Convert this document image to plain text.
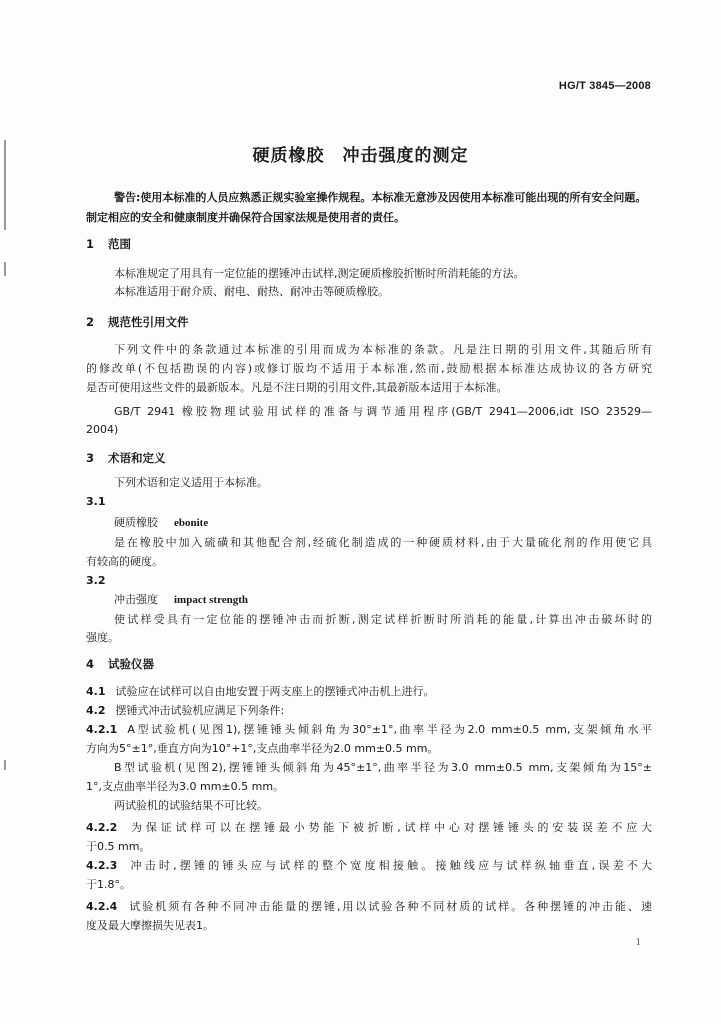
HG/T 3845—2008
硬质橡胶 冲击强度的测定
警告:使用本标准的人员应熟悉正规实验室操作规程。本标准无意涉及因使用本标准可能出现的所有安全问题。制定相应的安全和健康制度并确保符合国家法规是使用者的责任。
1 范围
本标准规定了用具有一定位能的摆锤冲击试样,测定硬质橡胶折断时所消耗能的方法。
本标准适用于耐介质、耐电、耐热、耐冲击等硬质橡胶。
2 规范性引用文件
下列文件中的条款通过本标准的引用而成为本标准的条款。凡是注日期的引用文件,其随后所有
的修改单(不包括勘误的内容)或修订版均不适用于本标准,然而,鼓励根据本标准达成协议的各方研究
是否可使用这些文件的最新版本。凡是不注日期的引用文件,其最新版本适用于本标准。
GB/T 2941 橡胶物理试验用试样的准备与调节通用程序(GB/T 2941—2006,idt ISO 23529—
2004)
3 术语和定义
下列术语和定义适用于本标准。
3.1
硬质橡胶 ebonite
是在橡胶中加入硫磺和其他配合剂,经硫化制造成的一种硬质材料,由于大量硫化剂的作用使它具
有较高的硬度。
3.2
冲击强度 impact strength
使试样受具有一定位能的摆锤冲击而折断,测定试样折断时所消耗的能量,计算出冲击破坏时的
强度。
4 试验仪器
4.1 试验应在试样可以自由地安置于两支座上的摆锤式冲击机上进行。
4.2 摆锤式冲击试验机应满足下列条件:
4.2.1 A型试验机(见图1),摆锤锤头倾斜角为30°±1°,曲率半径为2.0 mm±0.5 mm,支架倾角水平
方向为5°±1°,垂直方向为10°+1°,支点曲率半径为2.0 mm±0.5 mm。
B型试验机(见图2),摆锤锤头倾斜角为45°±1°,曲率半径为3.0 mm±0.5 mm,支架倾角为15°±
1°,支点曲率半径为3.0 mm±0.5 mm。
两试验机的试验结果不可比较。
4.2.2 为保证试样可以在摆锤最小势能下被折断,试样中心对摆锤锤头的安装误差不应大
于0.5 mm。
4.2.3 冲击时,摆锤的锤头应与试样的整个宽度相接触。接触线应与试样纵轴垂直,误差不大
于1.8°。
4.2.4 试验机须有各种不同冲击能量的摆锤,用以试验各种不同材质的试样。各种摆锤的冲击能、速
度及最大摩擦损失见表1。
1
